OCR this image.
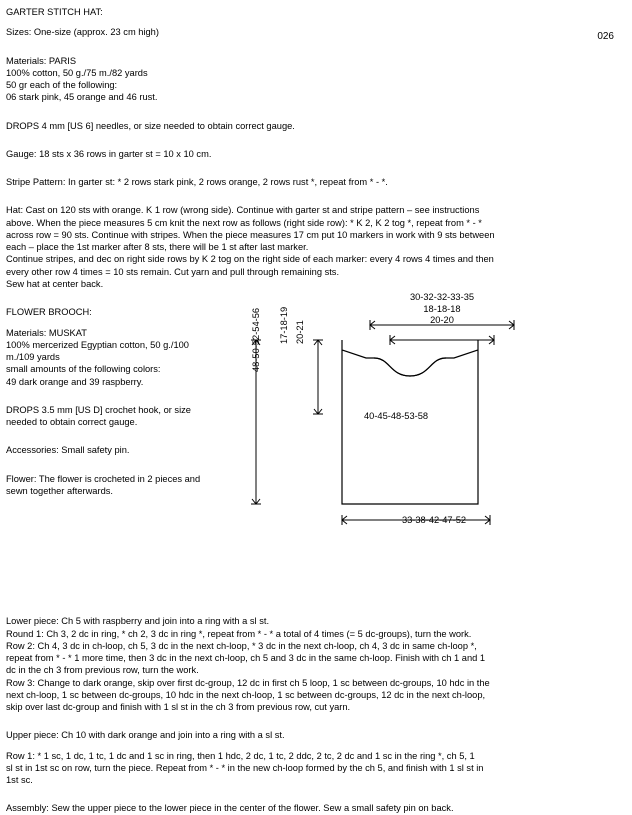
026
GARTER STITCH HAT:
Sizes: One-size (approx. 23 cm high)
Materials: PARIS
100% cotton, 50 g./75 m./82 yards
50 gr each of the following:
06 stark pink, 45 orange and 46 rust.
DROPS 4 mm [US 6] needles, or size needed to obtain correct gauge.
Gauge: 18 sts x 36 rows in garter st = 10 x 10 cm.
Stripe Pattern: In garter st: * 2 rows stark pink, 2 rows orange, 2 rows rust *, repeat from * - *.
Hat: Cast on 120 sts with orange. K 1 row (wrong side). Continue with garter st and stripe pattern – see instructions
above. When the piece measures 5 cm knit the next row as follows (right side row): * K 2, K 2 tog *, repeat from * - *
across row = 90 sts. Continue with stripes. When the piece measures 17 cm put 10 markers in work with 9 sts between
each – place the 1st marker after 8 sts, there will be 1 st after last marker.
Continue stripes, and dec on right side rows by K 2 tog on the right side of each marker: every 4 rows 4 times and then
every other row 4 times = 10 sts remain. Cut yarn and pull through remaining sts.
Sew hat at center back.
30-32-32-33-35
18-18-18
20-20
48-50-52-54-56 17-18-19 20-21
40-45-48-53-58
33-38-42-47-52
FLOWER BROOCH:
Materials: MUSKAT
100% mercerized Egyptian cotton, 50 g./100 m./109 yards
small amounts of the following colors:
49 dark orange and 39 raspberry.
DROPS 3.5 mm [US D] crochet hook, or size needed to obtain correct gauge.
Accessories: Small safety pin.
Flower: The flower is crocheted in 2 pieces and sewn together afterwards.
Lower piece: Ch 5 with raspberry and join into a ring with a sl st.
Round 1: Ch 3, 2 dc in ring, * ch 2, 3 dc in ring *, repeat from * - * a total of 4 times (= 5 dc-groups), turn the work.
Row 2: Ch 4, 3 dc in ch-loop, ch 5, 3 dc in the next ch-loop, * 3 dc in the next ch-loop, ch 4, 3 dc in same ch-loop *,
repeat from * - * 1 more time, then 3 dc in the next ch-loop, ch 5 and 3 dc in the same ch-loop. Finish with ch 1 and 1
dc in the ch 3 from previous row, turn the work.
Row 3: Change to dark orange, skip over first dc-group, 12 dc in first ch 5 loop, 1 sc between dc-groups, 10 hdc in the
next ch-loop, 1 sc between dc-groups, 10 hdc in the next ch-loop, 1 sc between dc-groups, 12 dc in the next ch-loop,
skip over last dc-group and finish with 1 sl st in the ch 3 from previous row, cut yarn.
Upper piece: Ch 10 with dark orange and join into a ring with a sl st.
Row 1: * 1 sc, 1 dc, 1 tc, 1 dc and 1 sc in ring, then 1 hdc, 2 dc, 1 tc, 2 ddc, 2 tc, 2 dc and 1 sc in the ring *, ch 5, 1
sl st in 1st sc on row, turn the piece. Repeat from * - * in the new ch-loop formed by the ch 5, and finish with 1 sl st in
1st sc.
Assembly: Sew the upper piece to the lower piece in the center of the flower. Sew a small safety pin on back.
